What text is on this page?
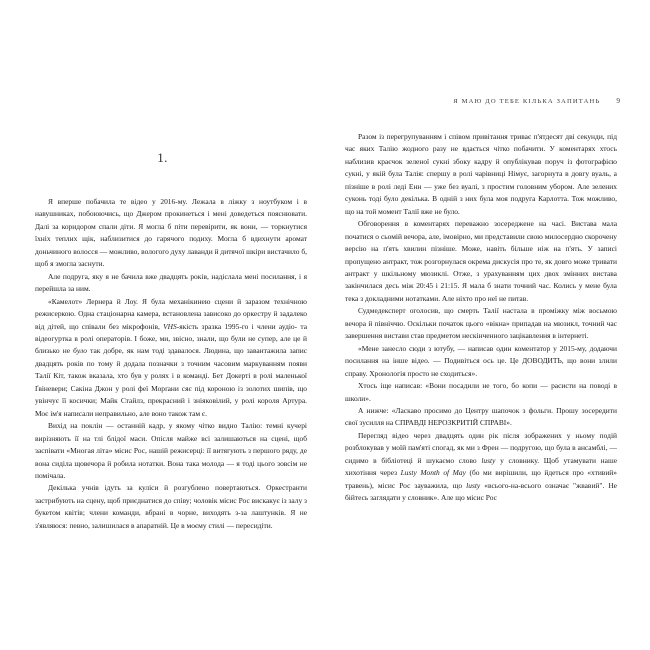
1.

Я вперше побачила те відео у 2016-му. Лежала в ліжку з ноутбуком і в навушниках, побоюючись, що Джером прокинеться і мені доведеться пояснювати. Далі за коридором спали діти. Я могла б піти перевірити, як вони, — торкнутися їхніх теплих щік, наблизитися до гарячого подиху. Могла б вдихнути аромат доньчиного волосся — можливо, вологого духу лаванди й дитячої шкіри вистачило б, щоб я змогла заснути.

Але подруга, яку я не бачила вже двадцять років, надіслала мені посилання, і я перейшла за ним.

«Камелот» Лернера й Лоу. Я була механікинею сцени й заразом технічною режисеркою. Одна стаціонарна камера, встановлена зависоко до оркестру й задалеко від дітей, що співали без мікрофонів, VHS-якість зразка 1995-го і члени аудіо- та відеогуртка в ролі операторів. І боже, ми, звісно, знали, що були не супер, але це й близько не було так добре, як нам тоді здавалося. Людина, що завантажила запис двадцять років по тому й додала позначки з точним часовим маркуванням появи Талії Кіт, також вказала, хто був у ролях і в команді. Бет Докерті в ролі маленької Ґвіневери; Сакіна Джон у ролі феї Морґани сяє під короною із золотих шипів, що увінчує її косички; Майк Стайлз, прекрасний і зніяковілий, у ролі короля Артура. Моє ім'я написали неправильно, але воно також там є.

Вихід на поклін — останній кадр, у якому чітко видно Талію: темні кучері вирізняють її на тлі блідої маси. Опісля майже всі залишаються на сцені, щоб заспівати «Многая літа» місис Рос, нашій режисерці: її витягують з першого ряду, де вона сиділа щовечора й робила нотатки. Вона така молода — я тоді цього зовсім не помічала.

Декілька учнів ідуть за куліси й розгублено повертаються. Оркестранти застрибують на сцену, щоб приєднатися до співу; чоловік місис Рос вискакує із залу з букетом квітів; члени команди, вбрані в чорне, виходять з-за лаштунків. Я не з'являюся: певно, залишилася в апаратній. Це в моєму стилі — пересидіти.

Я МАЮ ДО ТЕБЕ КІЛЬКА ЗАПИТАНЬ 9

Разом із перегрупуванням і співом привітання триває п'ятдесят дві секунди, під час яких Талію жодного разу не вдається чітко побачити. У коментарях хтось наблизив краєчок зеленої сукні збоку кадру й опублікував поруч із фотографією сукні, у якій була Талія: спершу в ролі чарівниці Німує, загорнута в довгу вуаль, а пізніше в ролі леді Енн — уже без вуалі, з простим головним убором. Але зелених суконь тоді було декілька. В одній з них була моя подруга Карлотта. Тож можливо, що на той момент Талії вже не було.

Обговорення в коментарях переважно зосереджене на часі. Вистава мала початися о сьомій вечора, але, імовірно, ми представили свою милосердно скорочену версію на п'ять хвилин пізніше. Може, навіть більше ніж на п'ять. У записі пропущено антракт, тож розгорнулася окрема дискусія про те, як довго може тривати антракт у шкільному мюзиклі. Отже, з урахуванням цих двох змінних вистава закінчилася десь між 20:45 і 21:15. Я мала б знати точний час. Колись у мене була тека з докладними нотатками. Але ніхто про неї не питав.

Судмедексперт оголосив, що смерть Талії настала в проміжку між восьмою вечора й північчю. Оскільки початок цього «вікна» припадав на мюзикл, точний час завершення вистави став предметом нескінченного зацікавлення в інтернеті.

«Мене занесло сюди з ютубу, — написав один коментатор у 2015-му, додаючи посилання на інше відео. — Подивіться ось це. Це ДОВОДИТЬ, що вони злили справу. Хронологія просто не сходиться».

Хтось іще написав: «Вони посадили не того, бо копи — расисти на поводі в школи».

А нижче: «Ласкаво просимо до Центру шапочок з фольги. Прошу зосередити свої зусилля на СПРАВДІ НЕРОЗКРИТІЙ СПРАВІ».

Перегляд відео через двадцять один рік після зображених у ньому подій розблокував у моїй пам'яті спогад, як ми з Френ — подругою, що була в ансамблі, — сидимо в бібліотеці й шукаємо слово lusty у словнику. Щоб утамувати наше хихотіння через Lusty Month of May (бо ми вирішили, що йдеться про «хтивий» травень), місис Рос зауважила, що lusty «всього-на-всього означає "жвавий". Не бійтесь заглядати у словник». Але що місис Рос
